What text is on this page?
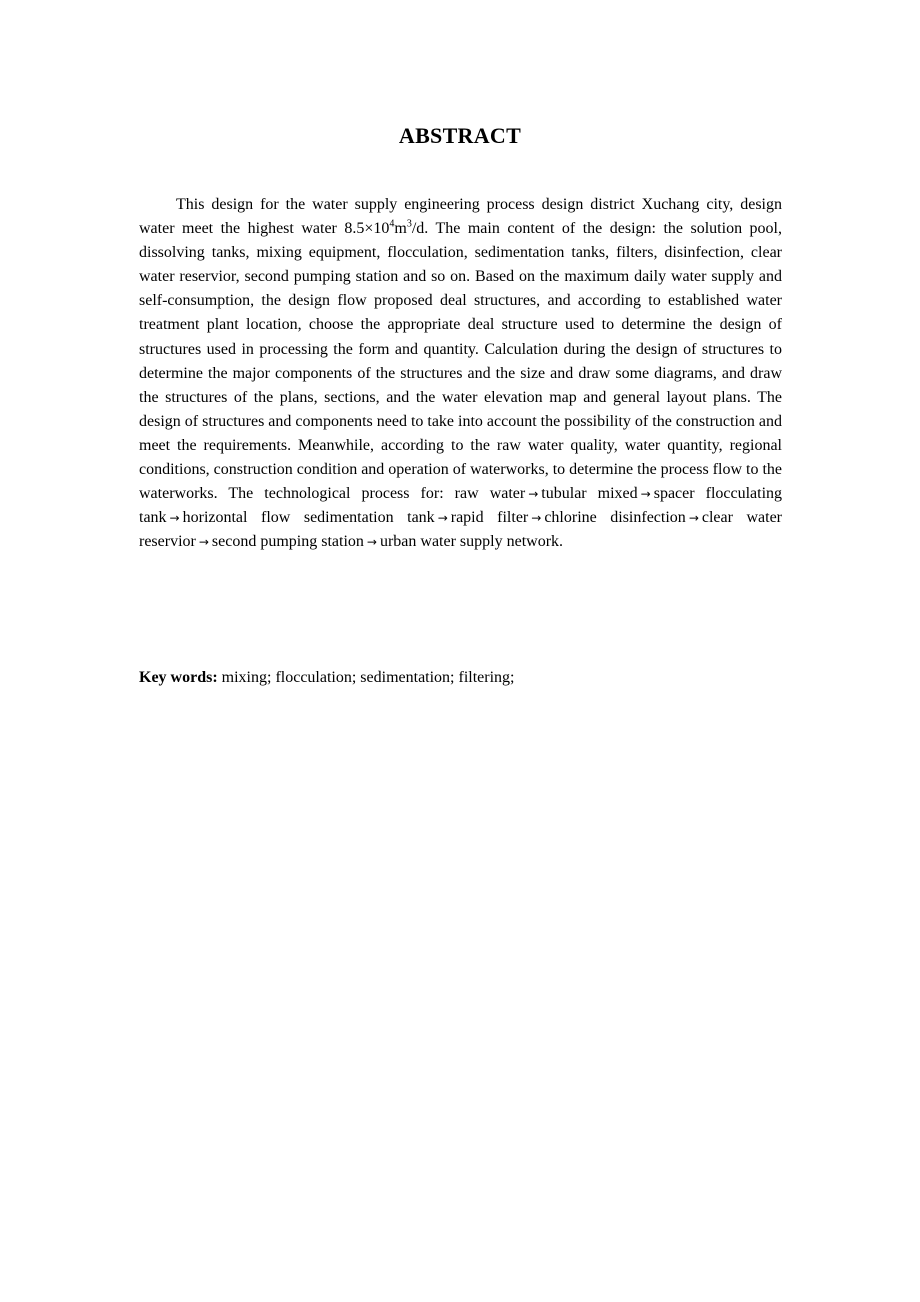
ABSTRACT

This design for the water supply engineering process design district Xuchang city, design water meet the highest water $8.5\times 10^4m^3/d$. The main content of the design: the solution pool, dissolving tanks, mixing equipment, flocculation, sedimentation tanks, filters, disinfection, clear water reservior, second pumping station and so on. Based on the maximum daily water supply and self-consumption, the design flow proposed deal structures, and according to established water treatment plant location, choose the appropriate deal structure used to determine the design of structures used in processing the form and quantity. Calculation during the design of structures to determine the major components of the structures and the size and draw some diagrams, and draw the structures of the plans, sections, and the water elevation map and general layout plans. The design of structures and components need to take into account the possibility of the construction and meet the requirements. Meanwhile, according to the raw water quality, water quantity, regional conditions, construction condition and operation of waterworks, to determine the process flow to the waterworks. The technological process for: raw water → tubular mixed → spacer flocculating tank → horizontal flow sedimentation tank → rapid filter → chlorine disinfection → clear water reservior → second pumping station → urban water supply network.

Key words: mixing; flocculation; sedimentation; filtering;
